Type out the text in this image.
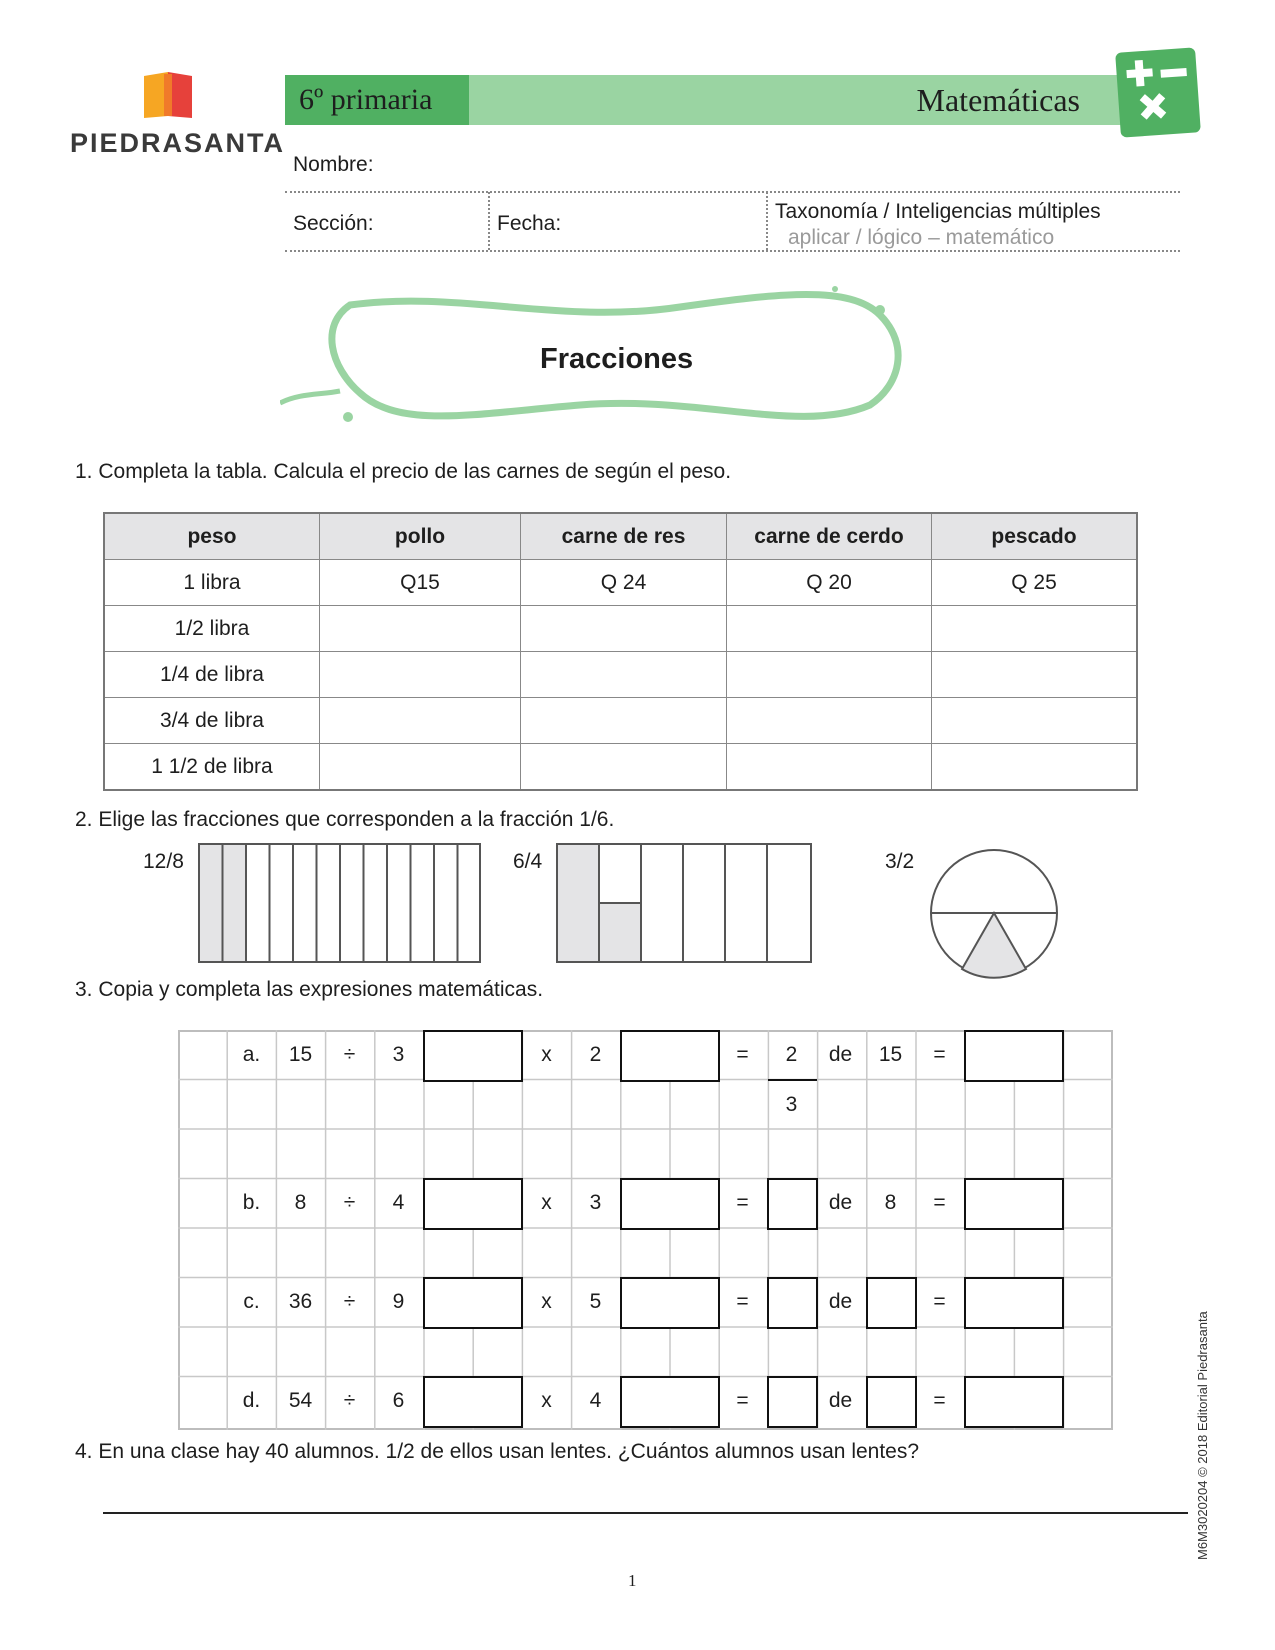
PIEDRASANTA
6º primaria	Matemáticas
Nombre:
Sección:	Fecha:
Taxonomía / Inteligencias múltiples
aplicar / lógico – matemático
Fracciones
1. Completa la tabla. Calcula el precio de las carnes de según el peso.
peso	pollo	carne de res	carne de cerdo	pescado
1 libra	Q15	Q 24	Q 20	Q 25
1/2 libra				
1/4 de libra				
3/4 de libra				
1 1/2 de libra				
2. Elige las fracciones que corresponden a la fracción 1/6.
12/8	6/4	3/2
3. Copia y completa las expresiones matemáticas.
a.	15	÷	3	x	2	=	2
3
de	15	=
b.	8	÷	4	x	3	=	de	8	=
c.	36	÷	9	x	5	=	de	=
d.	54	÷	6	x	4	=	de	=
4. En una clase hay 40 alumnos. 1/2 de ellos usan lentes. ¿Cuántos alumnos usan lentes?
1
M6M3020204 © 2018 Editorial Piedrasanta
